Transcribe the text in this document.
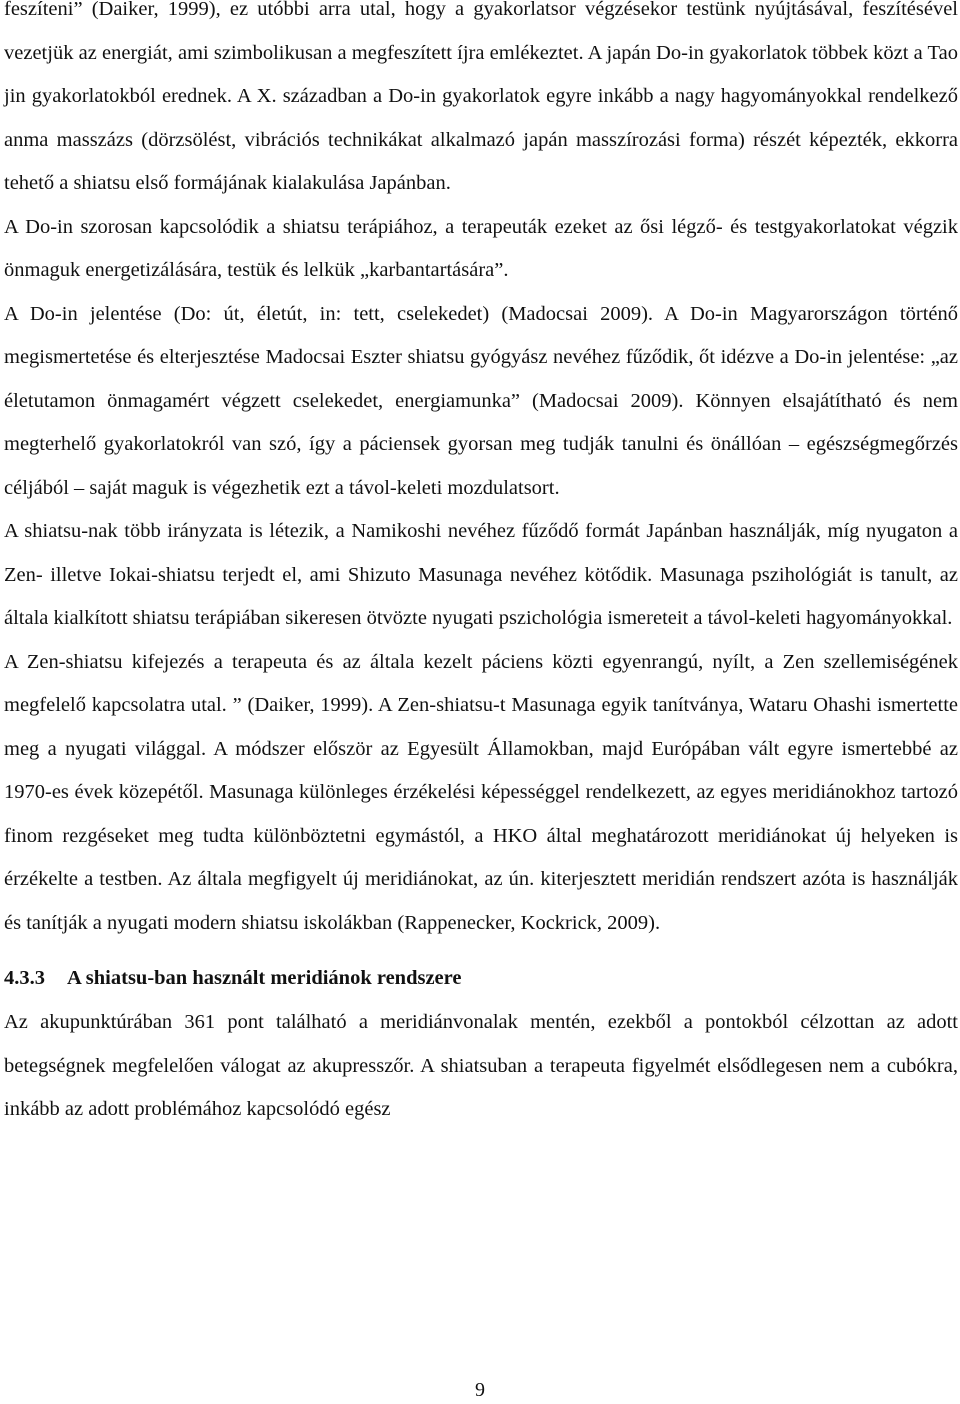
feszíteni” (Daiker, 1999), ez utóbbi arra utal, hogy a gyakorlatsor végzésekor testünk nyújtásával, feszítésével vezetjük az energiát, ami szimbolikusan a megfeszített íjra emlékeztet. A japán Do-in gyakorlatok többek közt a Tao jin gyakorlatokból erednek. A X. században a Do-in gyakorlatok egyre inkább a nagy hagyományokkal rendelkező anma masszázs (dörzsölést, vibrációs technikákat alkalmazó japán masszírozási forma) részét képezték, ekkorra tehető a shiatsu első formájának kialakulása Japánban.

A Do-in szorosan kapcsolódik a shiatsu terápiához, a terapeuták ezeket az ősi légző- és testgyakorlatokat végzik önmaguk energetizálására, testük és lelkük „karbantartására”.

A Do-in jelentése (Do: út, életút, in: tett, cselekedet) (Madocsai 2009). A Do-in Magyarországon történő megismertetése és elterjesztése Madocsai Eszter shiatsu gyógyász nevéhez fűződik, őt idézve a Do-in jelentése: „az életutamon önmagamért végzett cselekedet, energiamunka” (Madocsai 2009). Könnyen elsajátítható és nem megterhelő gyakorlatokról van szó, így a páciensek gyorsan meg tudják tanulni és önállóan – egészségmegőrzés céljából – saját maguk is végezhetik ezt a távol-keleti mozdulatsort.

A shiatsu-nak több irányzata is létezik, a Namikoshi nevéhez fűződő formát Japánban használják, míg nyugaton a Zen- illetve Iokai-shiatsu terjedt el, ami Shizuto Masunaga nevéhez kötődik. Masunaga pszihológiát is tanult, az általa kialkított shiatsu terápiában sikeresen ötvözte nyugati pszichológia ismereteit a távol-keleti hagyományokkal.

A Zen-shiatsu kifejezés a terapeuta és az általa kezelt páciens közti egyenrangú, nyílt, a Zen szellemiségének megfelelő kapcsolatra utal. ” (Daiker, 1999). A Zen-shiatsu-t Masunaga egyik tanítványa, Wataru Ohashi ismertette meg a nyugati világgal. A módszer először az Egyesült Államokban, majd Európában vált egyre ismertebbé az 1970-es évek közepétől. Masunaga különleges érzékelési képességgel rendelkezett, az egyes meridiánokhoz tartozó finom rezgéseket meg tudta különböztetni egymástól, a HKO által meghatározott meridiánokat új helyeken is érzékelte a testben. Az általa megfigyelt új meridiánokat, az ún. kiterjesztett meridián rendszert azóta is használják és tanítják a nyugati modern shiatsu iskolákban (Rappenecker, Kockrick, 2009).

4.3.3 A shiatsu-ban használt meridiánok rendszere

Az akupunktúrában 361 pont található a meridiánvonalak mentén, ezekből a pontokból célzottan az adott betegségnek megfelelően válogat az akupresszőr. A shiatsuban a terapeuta figyelmét elsődlegesen nem a cubókra, inkább az adott problémához kapcsolódó egész

9
